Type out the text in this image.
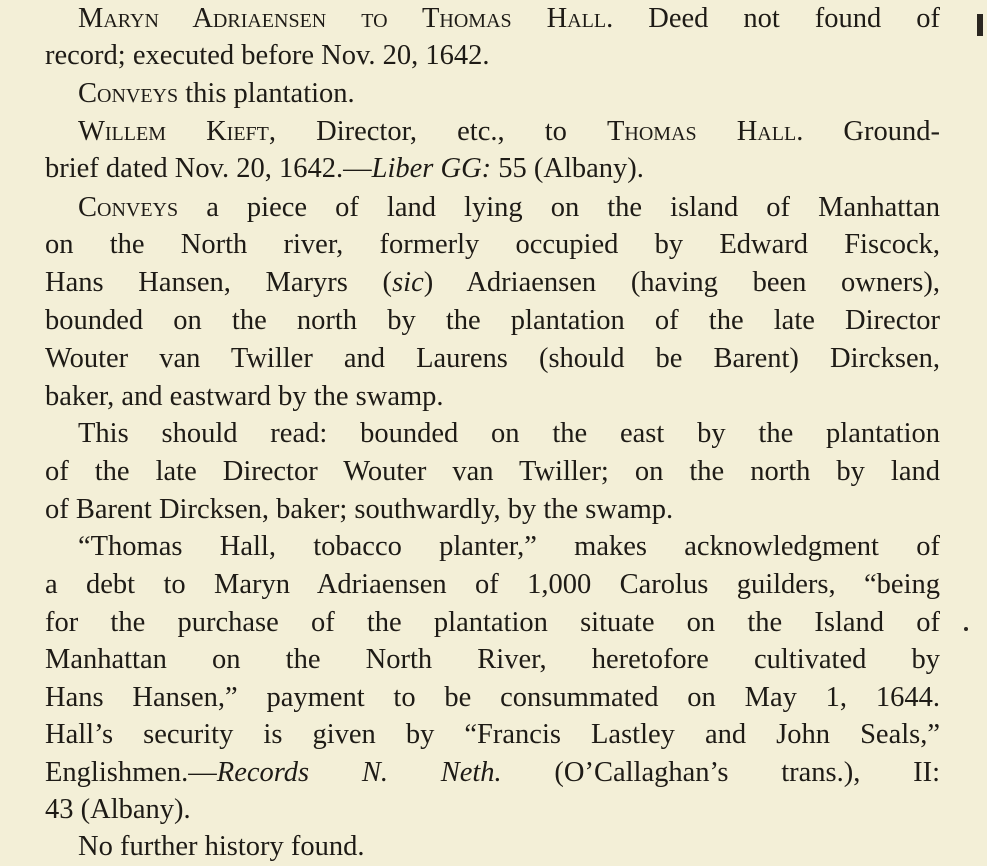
Maryn Adriaensen to Thomas Hall. Deed not found of
record; executed before Nov. 20, 1642.
Conveys this plantation.
Willem Kieft, Director, etc., to Thomas Hall. Ground-
brief dated Nov. 20, 1642.—Liber GG: 55 (Albany).
Conveys a piece of land lying on the island of Manhattan
on the North river, formerly occupied by Edward Fiscock,
Hans Hansen, Maryrs (sic) Adriaensen (having been owners),
bounded on the north by the plantation of the late Director
Wouter van Twiller and Laurens (should be Barent) Dircksen,
baker, and eastward by the swamp.
This should read: bounded on the east by the plantation
of the late Director Wouter van Twiller; on the north by land
of Barent Dircksen, baker; southwardly, by the swamp.
“Thomas Hall, tobacco planter,” makes acknowledgment of
a debt to Maryn Adriaensen of 1,000 Carolus guilders, “being
for the purchase of the plantation situate on the Island of
Manhattan on the North River, heretofore cultivated by
Hans Hansen,” payment to be consummated on May 1, 1644.
Hall’s security is given by “Francis Lastley and John Seals,”
Englishmen.—Records N. Neth. (O’Callaghan’s trans.), II:
43 (Albany).
No further history found.
